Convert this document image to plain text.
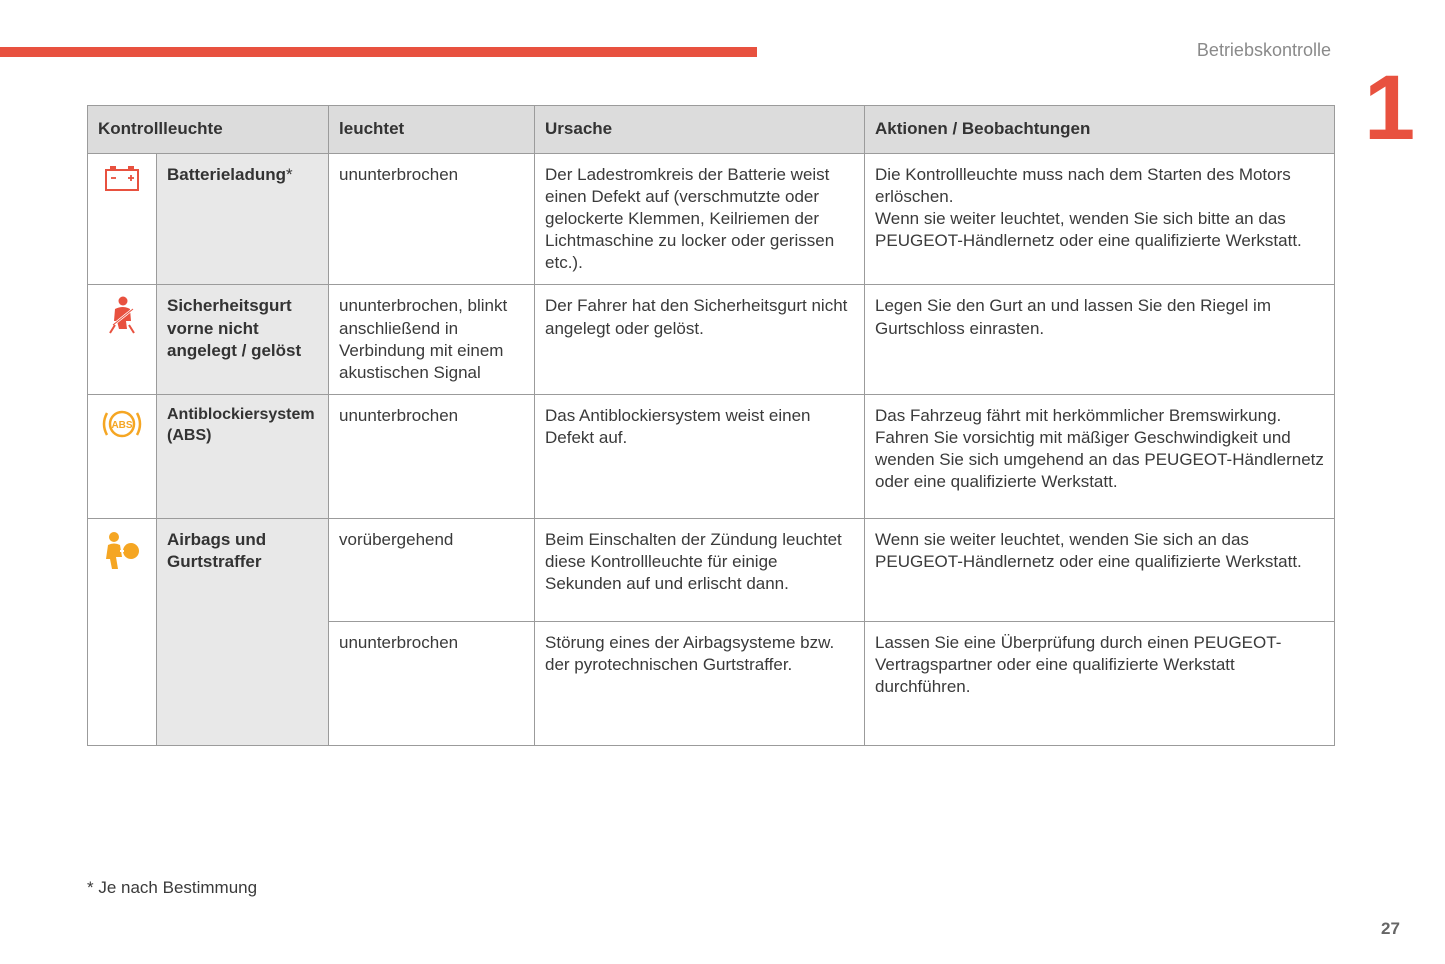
Betriebskontrolle
1
Kontrollleuchte		leuchtet	Ursache	Aktionen / Beobachtungen
	Batterieladung*	ununterbrochen	Der Ladestromkreis der Batterie weist einen Defekt auf (verschmutzte oder gelockerte Klemmen, Keilriemen der Lichtmaschine zu locker oder gerissen etc.).	Die Kontrollleuchte muss nach dem Starten des Motors erlöschen.
Wenn sie weiter leuchtet, wenden Sie sich bitte an das PEUGEOT-Händlernetz oder eine qualifizierte Werkstatt.
	Sicherheitsgurt vorne nicht angelegt / gelöst	ununterbrochen, blinkt anschließend in Verbindung mit einem akustischen Signal	Der Fahrer hat den Sicherheitsgurt nicht angelegt oder gelöst.	Legen Sie den Gurt an und lassen Sie den Riegel im Gurtschloss einrasten.

ABS	Antiblockiersystem (ABS)	ununterbrochen	Das Antiblockiersystem weist einen Defekt auf.	Das Fahrzeug fährt mit herkömmlicher Bremswirkung. Fahren Sie vorsichtig mit mäßiger Geschwindigkeit und wenden Sie sich umgehend an das PEUGEOT-Händlernetz oder eine qualifizierte Werkstatt.
	Airbags und Gurtstraffer	vorübergehend	Beim Einschalten der Zündung leuchtet diese Kontrollleuchte für einige Sekunden auf und erlischt dann.	Wenn sie weiter leuchtet, wenden Sie sich an das PEUGEOT-Händlernetz oder eine qualifizierte Werkstatt.
		ununterbrochen	Störung eines der Airbagsysteme bzw. der pyrotechnischen Gurtstraffer.	Lassen Sie eine Überprüfung durch einen PEUGEOT-Vertragspartner oder eine qualifizierte Werkstatt durchführen.
* Je nach Bestimmung
27
